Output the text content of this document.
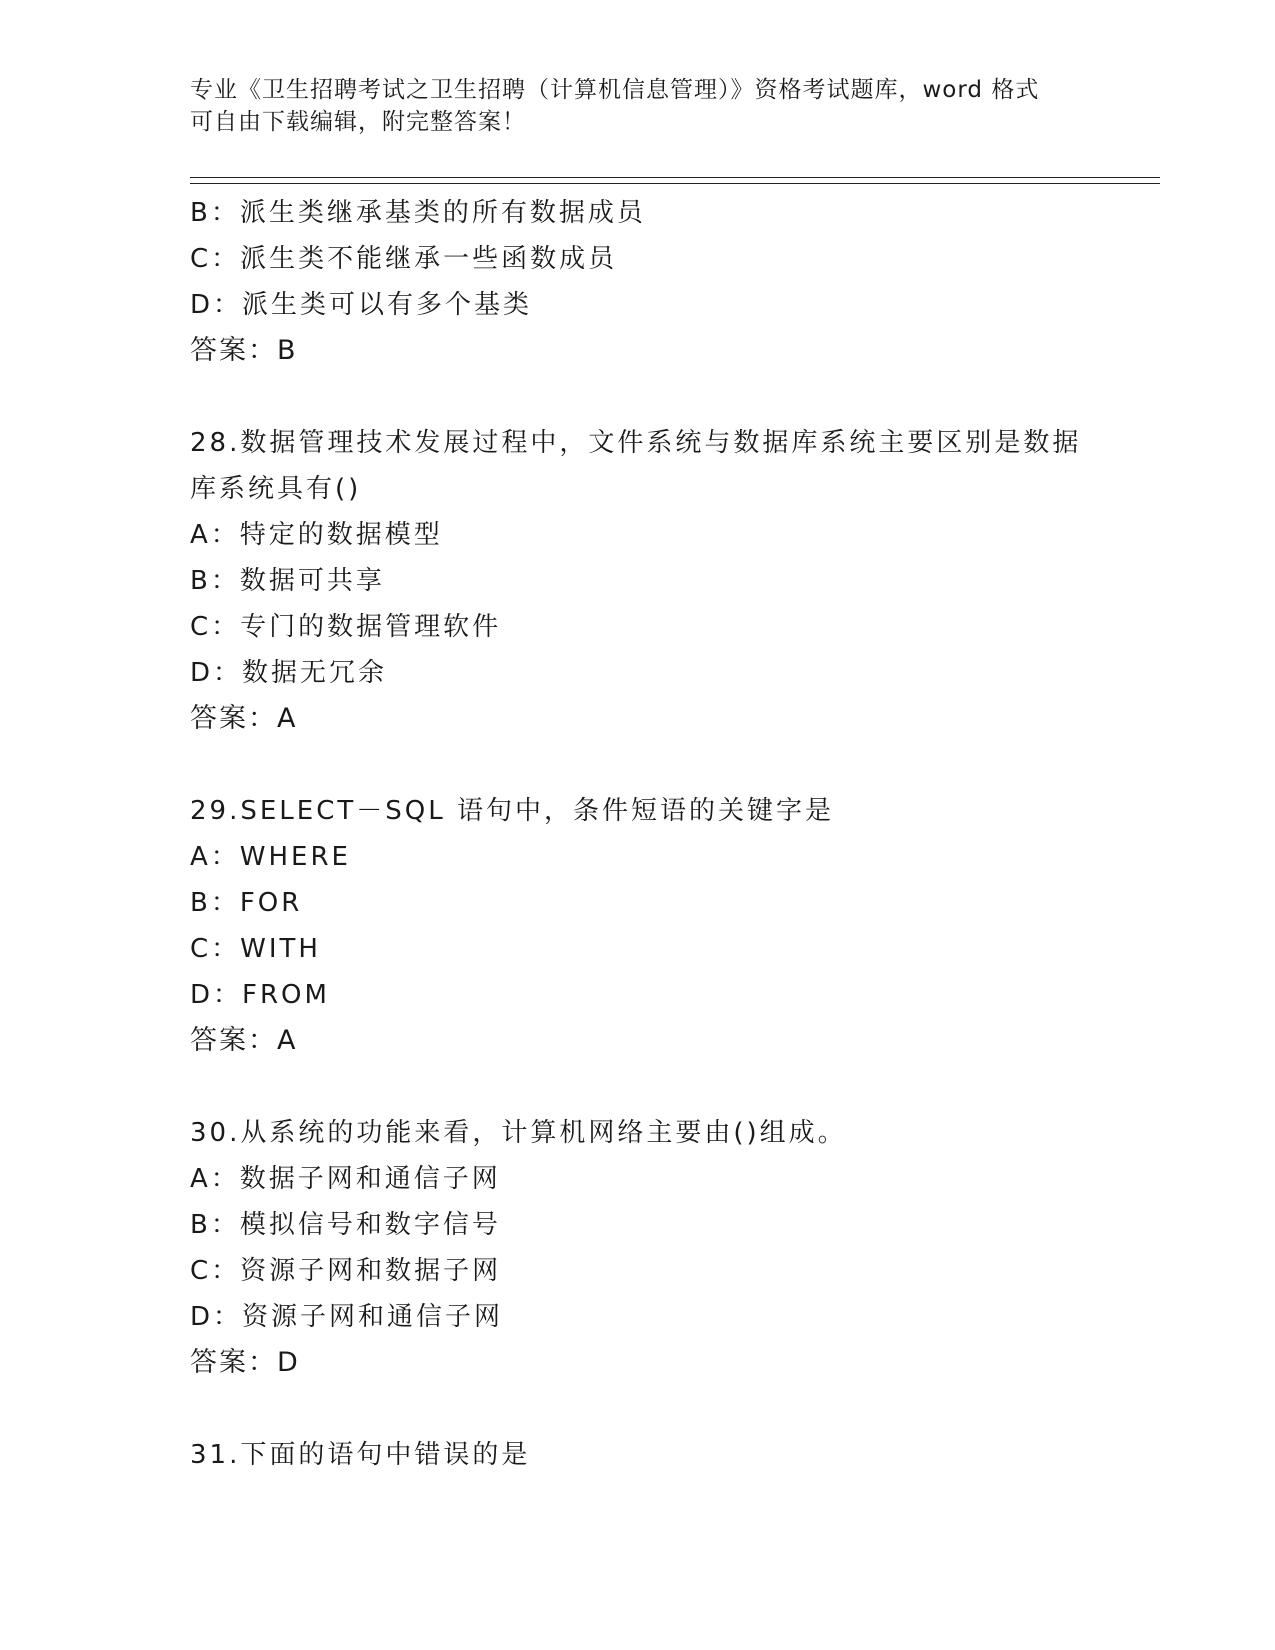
专业《卫生招聘考试之卫生招聘（计算机信息管理）》资格考试题库，word 格式
可自由下载编辑，附完整答案！
B：派生类继承基类的所有数据成员
C：派生类不能继承一些函数成员
D：派生类可以有多个基类
答案：B
28.数据管理技术发展过程中，文件系统与数据库系统主要区别是数据
库系统具有()
A：特定的数据模型
B：数据可共享
C：专门的数据管理软件
D：数据无冗余
答案：A
29.SELECT－SQL 语句中，条件短语的关键字是
A：WHERE
B：FOR
C：WITH
D：FROM
答案：A
30.从系统的功能来看，计算机网络主要由()组成。
A：数据子网和通信子网
B：模拟信号和数字信号
C：资源子网和数据子网
D：资源子网和通信子网
答案：D
31.下面的语句中错误的是
